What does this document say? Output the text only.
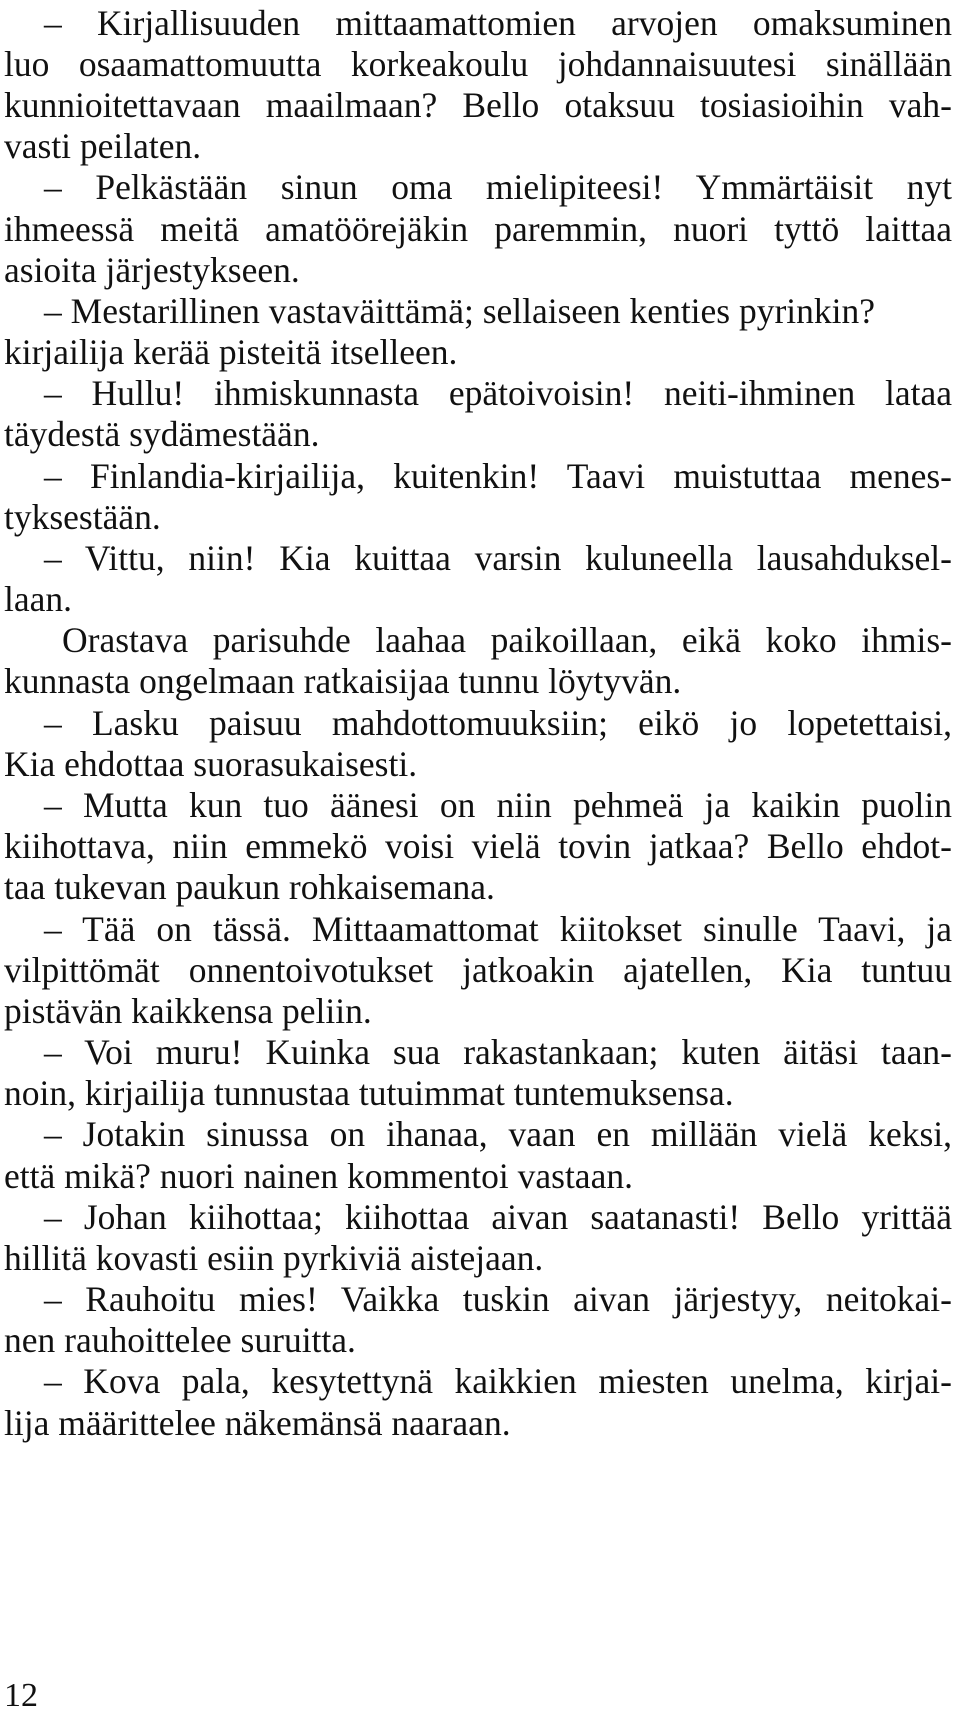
– Kirjallisuuden mittaamattomien arvojen omaksuminen
luo osaamattomuutta korkeakoulu johdannaisuutesi sinällään
kunnioitettavaan maailmaan? Bello otaksuu tosiasioihin vah-
vasti peilaten.
– Pelkästään sinun oma mielipiteesi! Ymmärtäisit nyt
ihmeessä meitä amatöörejäkin paremmin, nuori tyttö laittaa
asioita järjestykseen.
– Mestarillinen vastaväittämä; sellaiseen kenties pyrinkin?
kirjailija kerää pisteitä itselleen.
– Hullu! ihmiskunnasta epätoivoisin! neiti-ihminen lataa
täydestä sydämestään.
– Finlandia-kirjailija, kuitenkin! Taavi muistuttaa menes-
tyksestään.
– Vittu, niin! Kia kuittaa varsin kuluneella lausahduksel-
laan.
Orastava parisuhde laahaa paikoillaan, eikä koko ihmis-
kunnasta ongelmaan ratkaisijaa tunnu löytyvän.
– Lasku paisuu mahdottomuuksiin; eikö jo lopetettaisi,
Kia ehdottaa suorasukaisesti.
– Mutta kun tuo äänesi on niin pehmeä ja kaikin puolin
kiihottava, niin emmekö voisi vielä tovin jatkaa? Bello ehdot-
taa tukevan paukun rohkaisemana.
– Tää on tässä. Mittaamattomat kiitokset sinulle Taavi, ja
vilpittömät onnentoivotukset jatkoakin ajatellen, Kia tuntuu
pistävän kaikkensa peliin.
– Voi muru! Kuinka sua rakastankaan; kuten äitäsi taan-
noin, kirjailija tunnustaa tutuimmat tuntemuksensa.
– Jotakin sinussa on ihanaa, vaan en millään vielä keksi,
että mikä? nuori nainen kommentoi vastaan.
– Johan kiihottaa; kiihottaa aivan saatanasti! Bello yrittää
hillitä kovasti esiin pyrkiviä aistejaan.
– Rauhoitu mies! Vaikka tuskin aivan järjestyy, neitokai-
nen rauhoittelee suruitta.
– Kova pala, kesytettynä kaikkien miesten unelma, kirjai-
lija määrittelee näkemänsä naaraan.
12
